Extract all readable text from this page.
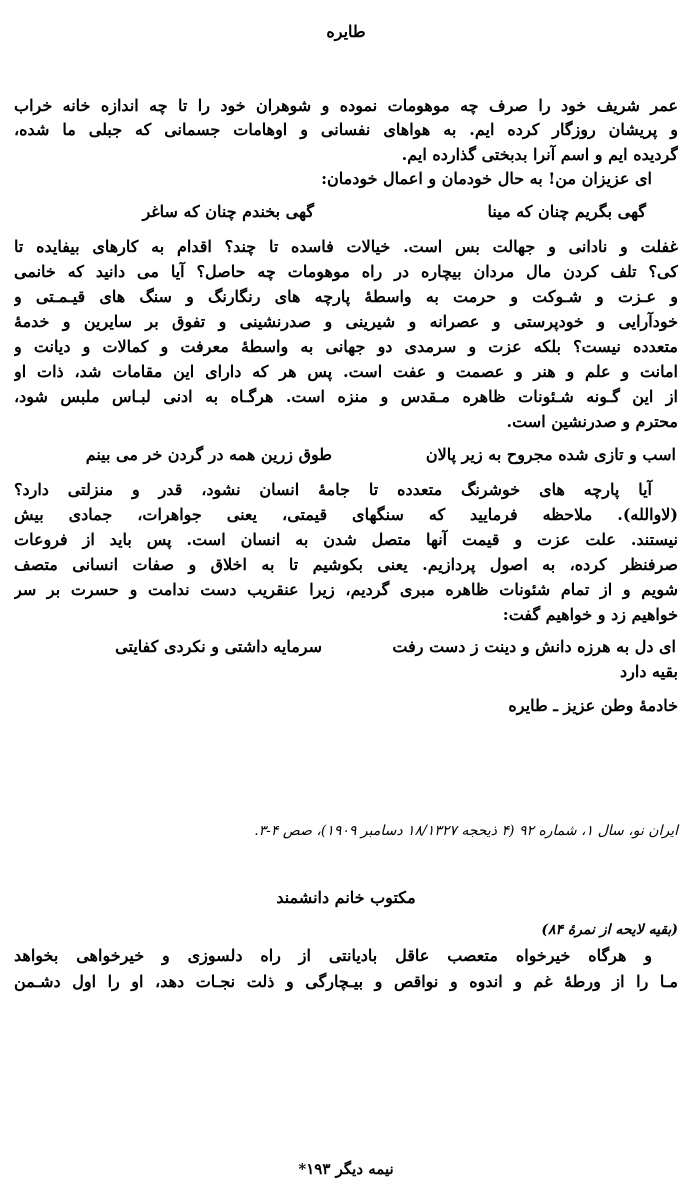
طایره
عمر شریف خود را صرف چه موهومات نموده و شوهران خود را تا چه اندازه خانه خراب
و پریشان روزگار کرده ایم. به هواهای نفسانی و اوهامات جسمانی که جبلی ما شده،
گردیده ایم و اسم آنرا بدبختی گذارده ایم.
ای عزیزان من! به حال خودمان و اعمال خودمان:
گهی بگریم چنان که مینا
گهی بخندم چنان که ساغر
غفلت و نادانی و جهالت بس است. خیالات فاسده تا چند؟ اقدام به کارهای بیفایده تا
کی؟ تلف کردن مال مردان بیچاره در راه موهومات چه حاصل؟ آیا می دانید که خانمی
و عـزت و شـوکت و حرمت به واسطهٔ پارچه های رنگارنگ و سنگ های قیـمـتی و
خودآرایی و خودپرستی و عصرانه و شیرینی و صدرنشینی و تفوق بر سایرین و خدمهٔ
متعدده نیست؟ بلکه عزت و سرمدی دو جهانی به واسطهٔ معرفت و کمالات و دیانت و
امانت و علم و هنر و عصمت و عفت است. پس هر که دارای این مقامات شد، ذات او
از این گـونه شـئونات ظاهره مـقدس و منزه است. هرگـاه به ادنی لبـاس ملبس شود،
محترم و صدرنشین است.
اسب و تازی شده مجروح به زیر پالان
طوق زرین همه در گردن خر می بینم
آیا پارچه های خوشرنگ متعدده تا جامهٔ انسان نشود، قدر و منزلتی دارد؟
(لاوالله). ملاحظه فرمایید که سنگهای قیمتی، یعنی جواهرات، جمادی بیش
نیستند. علت عزت و قیمت آنها متصل شدن به انسان است. پس باید از فروعات
صرفنظر کرده، به اصول پردازیم. یعنی بکوشیم تا به اخلاق و صفات انسانی متصف
شویم و از تمام شئونات ظاهره مبری گردیم، زیرا عنقریب دست ندامت و حسرت بر سر
خواهیم زد و خواهیم گفت:
ای دل به هرزه دانش و دینت ز دست رفت
سرمایه داشتی و نکردی کفایتی
بقیه دارد
خادمهٔ وطن عزیز ـ طایره
ایران نو، سال ۱، شماره ۹۲ (۴ ذیحجه ۱۸/۱۳۲۷ دسامبر ۱۹۰۹)، صص ۴-۳.
مکتوب خانم دانشمند
(بقیه لایحه از نمرهٔ ۸۴)
و هرگاه خیرخواه متعصب عاقل بادیانتی از راه دلسوزی و خیرخواهی بخواهد
مـا را از ورطهٔ غم و اندوه و نواقص و بیـچارگی و ذلت نجـات دهد، او را اول دشـمن
نیمه دیگر ۱۹۳*
